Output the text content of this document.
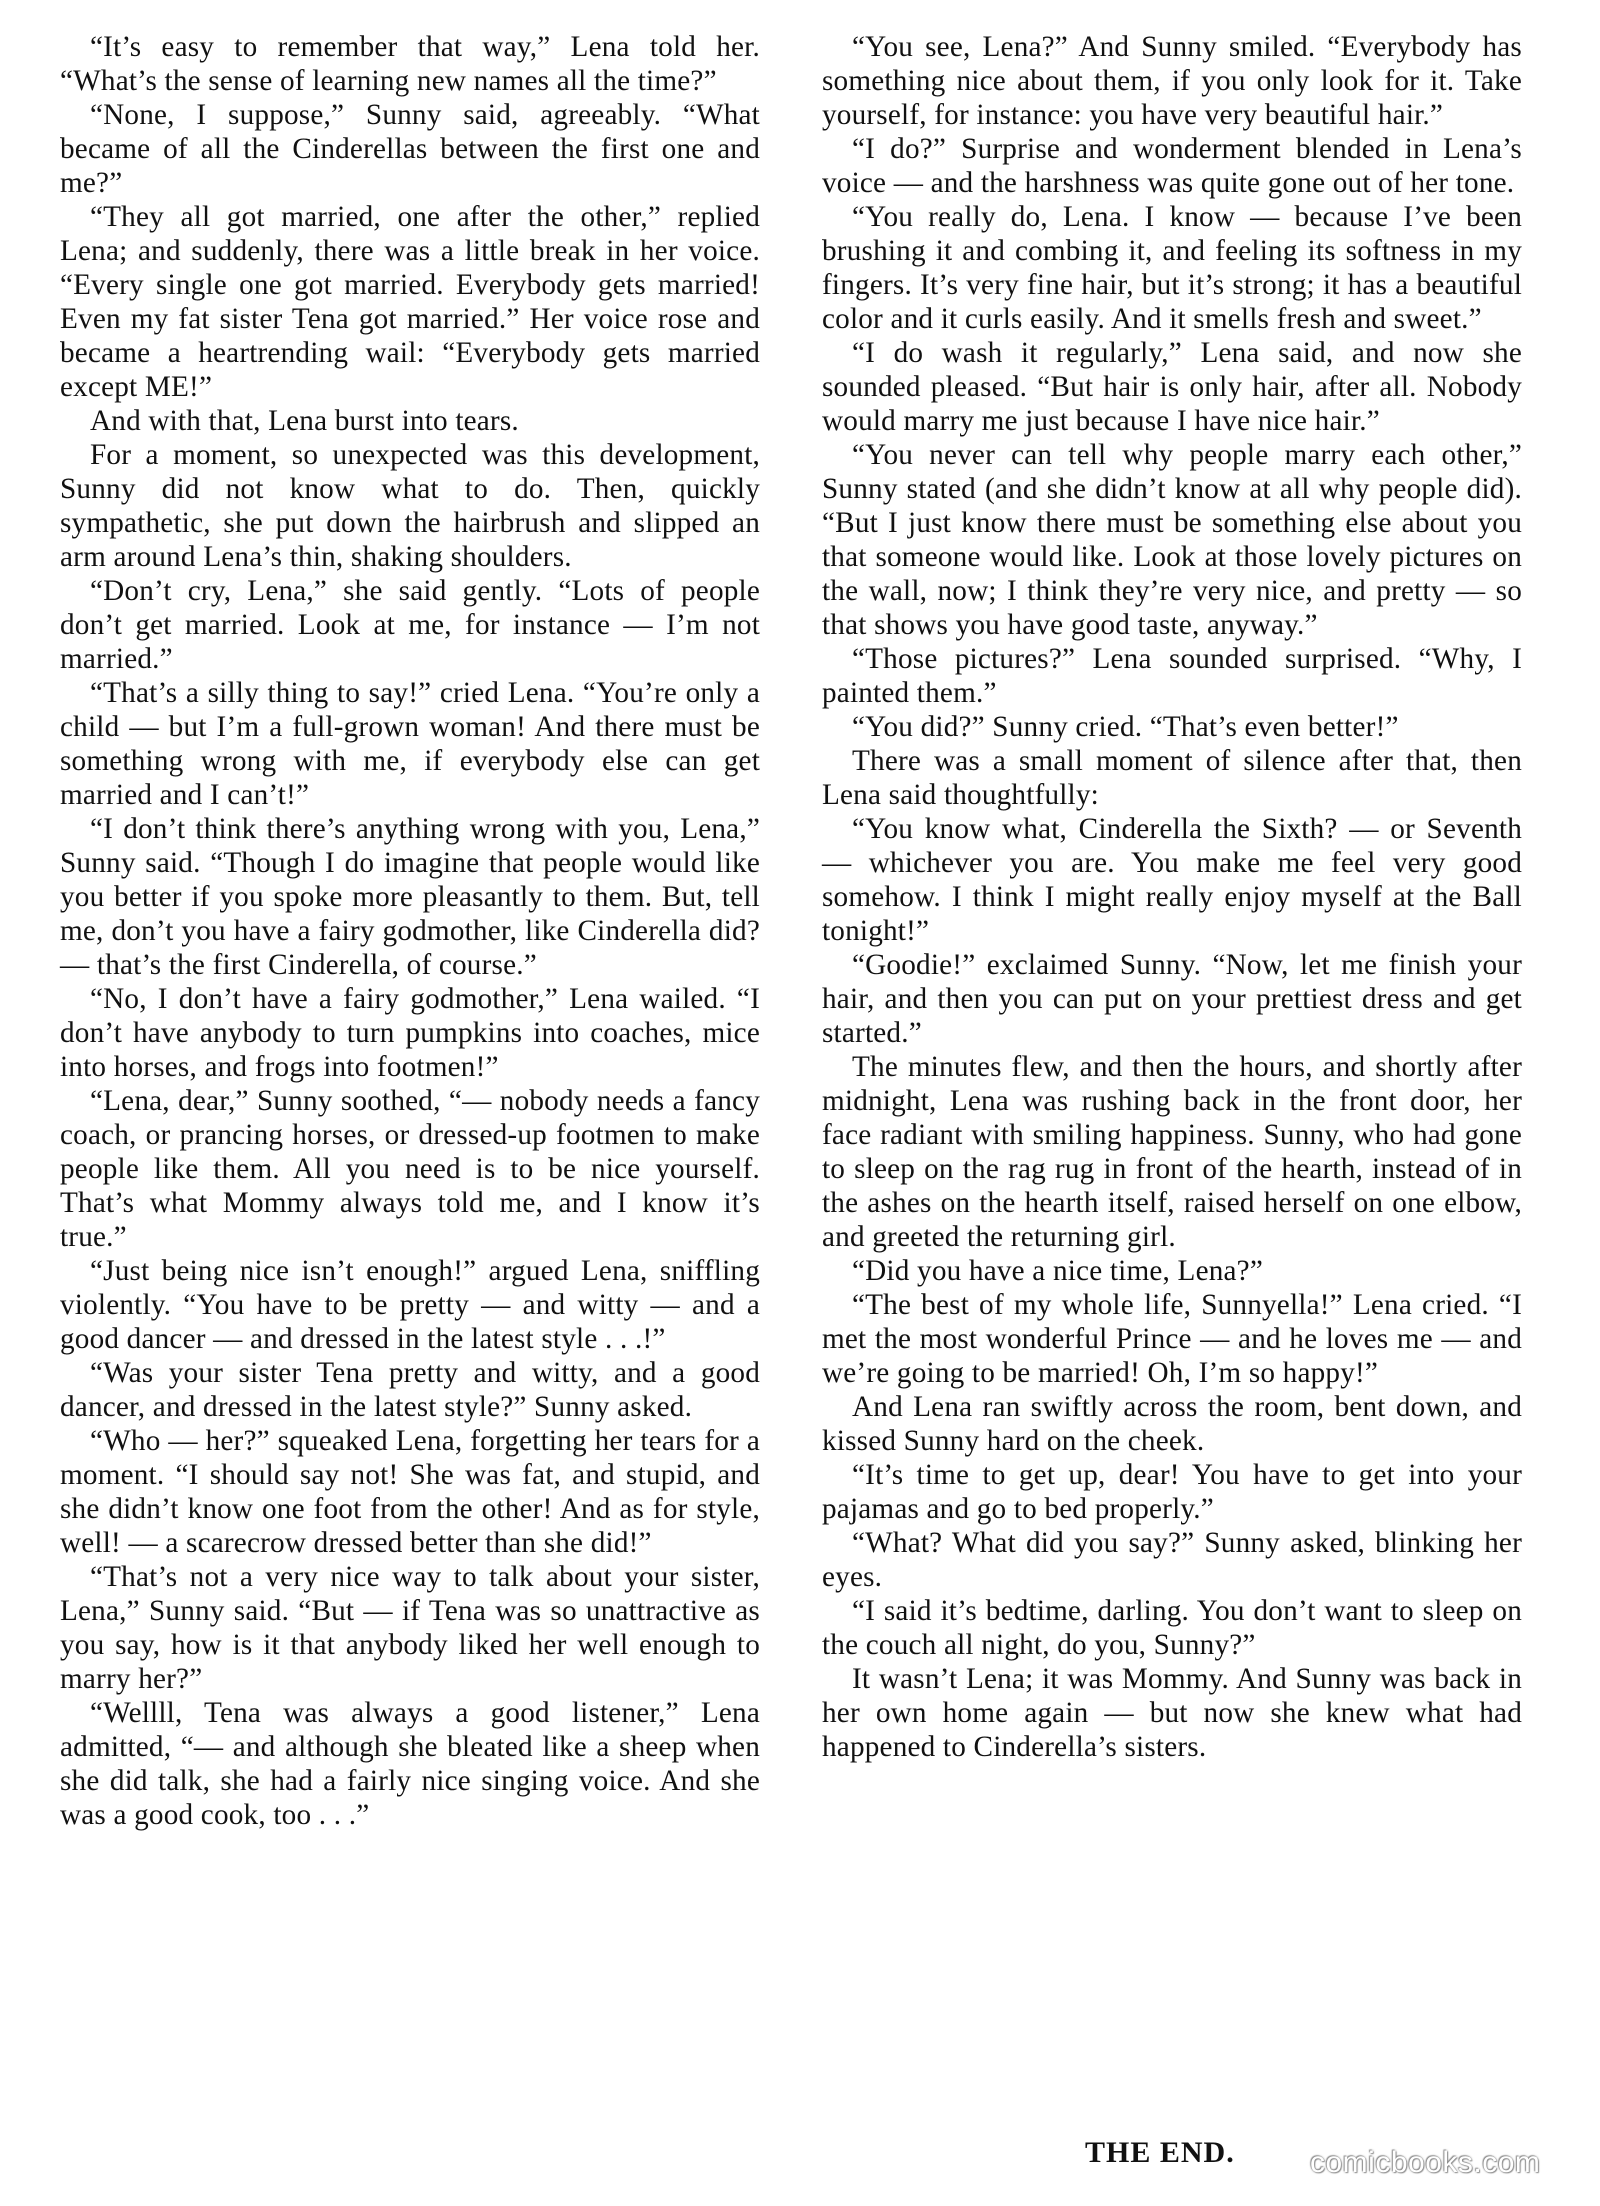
“It’s easy to remember that way,” Lena told her. “What’s the sense of learning new names all the time?”

“None, I suppose,” Sunny said, agreeably. “What became of all the Cinderellas between the first one and me?”

“They all got married, one after the other,” replied Lena; and suddenly, there was a little break in her voice. “Every single one got married. Everybody gets married! Even my fat sister Tena got married.” Her voice rose and became a heartrending wail: “Everybody gets married except ME!”

And with that, Lena burst into tears.

For a moment, so unexpected was this development, Sunny did not know what to do. Then, quickly sympathetic, she put down the hairbrush and slipped an arm around Lena’s thin, shaking shoulders.

“Don’t cry, Lena,” she said gently. “Lots of people don’t get married. Look at me, for instance — I’m not married.”

“That’s a silly thing to say!” cried Lena. “You’re only a child — but I’m a full-grown woman! And there must be something wrong with me, if everybody else can get married and I can’t!”

“I don’t think there’s anything wrong with you, Lena,” Sunny said. “Though I do imagine that people would like you better if you spoke more pleasantly to them. But, tell me, don’t you have a fairy godmother, like Cinderella did? — that’s the first Cinderella, of course.”

“No, I don’t have a fairy godmother,” Lena wailed. “I don’t have anybody to turn pumpkins into coaches, mice into horses, and frogs into footmen!”

“Lena, dear,” Sunny soothed, “— nobody needs a fancy coach, or prancing horses, or dressed-up footmen to make people like them. All you need is to be nice yourself. That’s what Mommy always told me, and I know it’s true.”

“Just being nice isn’t enough!” argued Lena, sniffling violently. “You have to be pretty — and witty — and a good dancer — and dressed in the latest style . . .!”

“Was your sister Tena pretty and witty, and a good dancer, and dressed in the latest style?” Sunny asked.

“Who — her?” squeaked Lena, forgetting her tears for a moment. “I should say not! She was fat, and stupid, and she didn’t know one foot from the other! And as for style, well! — a scarecrow dressed better than she did!”

“That’s not a very nice way to talk about your sister, Lena,” Sunny said. “But — if Tena was so unattractive as you say, how is it that anybody liked her well enough to marry her?”

“Wellll, Tena was always a good listener,” Lena admitted, “— and although she bleated like a sheep when she did talk, she had a fairly nice singing voice. And she was a good cook, too . . .”

“You see, Lena?” And Sunny smiled. “Everybody has something nice about them, if you only look for it. Take yourself, for instance: you have very beautiful hair.”

“I do?” Surprise and wonderment blended in Lena’s voice — and the harshness was quite gone out of her tone.

“You really do, Lena. I know — because I’ve been brushing it and combing it, and feeling its softness in my fingers. It’s very fine hair, but it’s strong; it has a beautiful color and it curls easily. And it smells fresh and sweet.”

“I do wash it regularly,” Lena said, and now she sounded pleased. “But hair is only hair, after all. Nobody would marry me just because I have nice hair.”

“You never can tell why people marry each other,” Sunny stated (and she didn’t know at all why people did). “But I just know there must be something else about you that someone would like. Look at those lovely pictures on the wall, now; I think they’re very nice, and pretty — so that shows you have good taste, anyway.”

“Those pictures?” Lena sounded surprised. “Why, I painted them.”

“You did?” Sunny cried. “That’s even better!”

There was a small moment of silence after that, then Lena said thoughtfully:

“You know what, Cinderella the Sixth? — or Seventh — whichever you are. You make me feel very good somehow. I think I might really enjoy myself at the Ball tonight!”

“Goodie!” exclaimed Sunny. “Now, let me finish your hair, and then you can put on your prettiest dress and get started.”

The minutes flew, and then the hours, and shortly after midnight, Lena was rushing back in the front door, her face radiant with smiling happiness. Sunny, who had gone to sleep on the rag rug in front of the hearth, instead of in the ashes on the hearth itself, raised herself on one elbow, and greeted the returning girl.

“Did you have a nice time, Lena?”

“The best of my whole life, Sunnyella!” Lena cried. “I met the most wonderful Prince — and he loves me — and we’re going to be married! Oh, I’m so happy!”

And Lena ran swiftly across the room, bent down, and kissed Sunny hard on the cheek.

“It’s time to get up, dear! You have to get into your pajamas and go to bed properly.”

“What? What did you say?” Sunny asked, blinking her eyes.

“I said it’s bedtime, darling. You don’t want to sleep on the couch all night, do you, Sunny?”

It wasn’t Lena; it was Mommy. And Sunny was back in her own home again — but now she knew what had happened to Cinderella’s sisters.

THE END.	comicbooks.com
